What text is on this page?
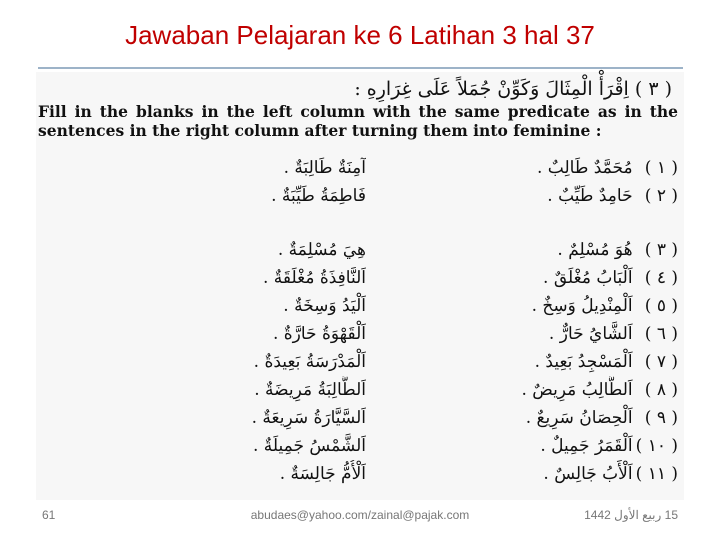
Jawaban Pelajaran ke 6 Latihan 3 hal 37
( ٣ ) اِقْرَأْ الْمِثَالَ وَكَوِّنْ جُمَلاً عَلَى غِرَارِهِ :
Fill in the blanks in the left column with the same predicate as in the sentences in the right column after turning them into feminine :
( ١ ) مُحَمَّدٌ طَالِبٌ .
( ٢ ) حَامِدٌ طَيِّبٌ .
( ٣ ) هُوَ مُسْلِمٌ .
( ٤ ) اَلْبَابُ مُغْلَقٌ .
( ٥ ) اَلْمِنْدِيلُ وَسِخٌ .
( ٦ ) اَلشَّايُ حَارٌّ .
( ٧ ) اَلْمَسْجِدُ بَعِيدٌ .
( ٨ ) اَلطَّالِبُ مَرِيضٌ .
( ٩ ) اَلْحِصَانُ سَرِيعٌ .
( ١٠ ) اَلْقَمَرُ جَمِيلٌ .
( ١١ ) اَلْأَبُ جَالِسٌ .
آمِنَةٌ طَالِبَةٌ .
فَاطِمَةُ طَيِّبَةٌ .
هِيَ مُسْلِمَةٌ .
اَلنَّافِذَةُ مُغْلَقَةٌ .
اَلْيَدُ وَسِخَةٌ .
اَلْقَهْوَةُ حَارَّةٌ .
اَلْمَدْرَسَةُ بَعِيدَةٌ .
اَلطَّالِبَةُ مَرِيضَةٌ .
اَلسَّيَّارَةُ سَرِيعَةٌ .
اَلشَّمْسُ جَمِيلَةٌ .
اَلْأُمُّ جَالِسَةٌ .
61	abudaes@yahoo.com/zainal@pajak.com	15 ربيع الأول 1442
